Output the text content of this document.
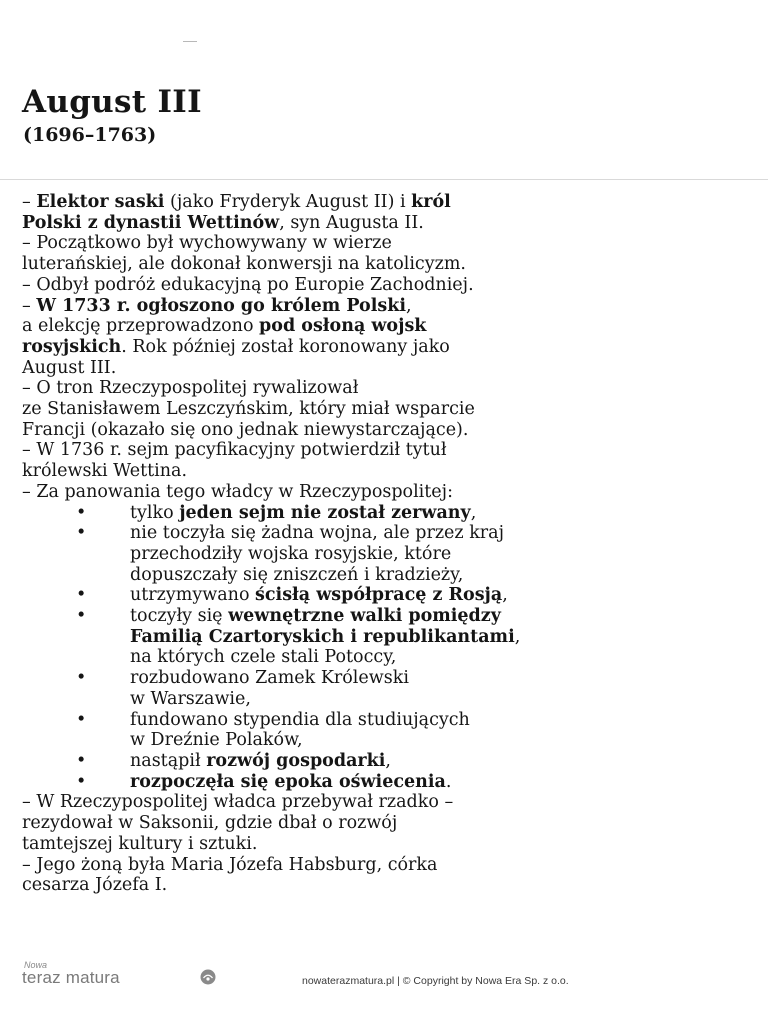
August III

(1696–1763)

– Elektor saski (jako Fryderyk August II) i król
Polski z dynastii Wettinów, syn Augusta II.

– Początkowo był wychowywany w wierze
luterańskiej, ale dokonał konwersji na katolicyzm.

– Odbył podróż edukacyjną po Europie Zachodniej.

– W 1733 r. ogłoszono go królem Polski,
a elekcję przeprowadzono pod osłoną wojsk
rosyjskich. Rok później został koronowany jako
August III.

– O tron Rzeczypospolitej rywalizował
ze Stanisławem Leszczyńskim, który miał wsparcie
Francji (okazało się ono jednak niewystarczające).

– W 1736 r. sejm pacyfikacyjny potwierdził tytuł
królewski Wettina.

– Za panowania tego władcy w Rzeczypospolitej:

• tylko jeden sejm nie został zerwany,
• nie toczyła się żadna wojna, ale przez kraj
przechodziły wojska rosyjskie, które
dopuszczały się zniszczeń i kradzieży,
• utrzymywano ścisłą współpracę z Rosją,
• toczyły się wewnętrzne walki pomiędzy
Familią Czartoryskich i republikantami,
na których czele stali Potoccy,
• rozbudowano Zamek Królewski
w Warszawie,
• fundowano stypendia dla studiujących
w Dreźnie Polaków,
• nastąpił rozwój gospodarki,
• rozpoczęła się epoka oświecenia.

– W Rzeczypospolitej władca przebywał rzadko –
rezydował w Saksonii, gdzie dbał o rozwój
tamtejszej kultury i sztuki.

– Jego żoną była Maria Józefa Habsburg, córka
cesarza Józefa I.

Nowa
teraz matura	nowaterazmatura.pl | © Copyright by Nowa Era Sp. z o.o.
